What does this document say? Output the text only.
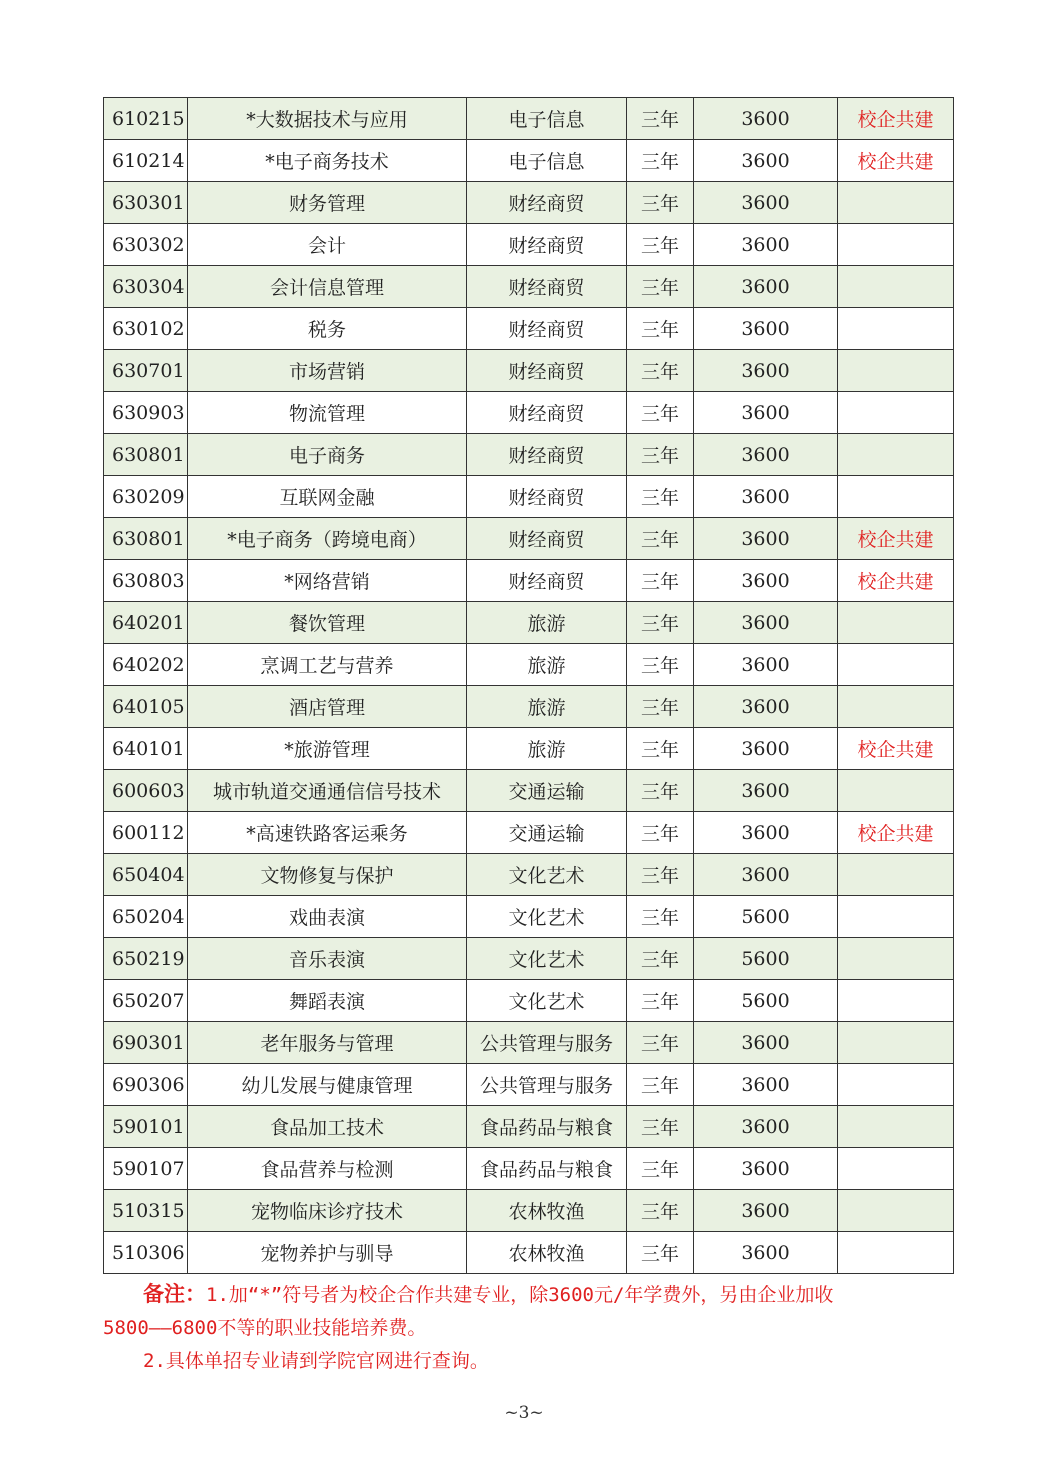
610215	*大数据技术与应用	电子信息	三年	3600	校企共建
610214	*电子商务技术	电子信息	三年	3600	校企共建
630301	财务管理	财经商贸	三年	3600	
630302	会计	财经商贸	三年	3600	
630304	会计信息管理	财经商贸	三年	3600	
630102	税务	财经商贸	三年	3600	
630701	市场营销	财经商贸	三年	3600	
630903	物流管理	财经商贸	三年	3600	
630801	电子商务	财经商贸	三年	3600	
630209	互联网金融	财经商贸	三年	3600	
630801	*电子商务（跨境电商）	财经商贸	三年	3600	校企共建
630803	*网络营销	财经商贸	三年	3600	校企共建
640201	餐饮管理	旅游	三年	3600	
640202	烹调工艺与营养	旅游	三年	3600	
640105	酒店管理	旅游	三年	3600	
640101	*旅游管理	旅游	三年	3600	校企共建
600603	城市轨道交通通信信号技术	交通运输	三年	3600	
600112	*高速铁路客运乘务	交通运输	三年	3600	校企共建
650404	文物修复与保护	文化艺术	三年	3600	
650204	戏曲表演	文化艺术	三年	5600	
650219	音乐表演	文化艺术	三年	5600	
650207	舞蹈表演	文化艺术	三年	5600	
690301	老年服务与管理	公共管理与服务	三年	3600	
690306	幼儿发展与健康管理	公共管理与服务	三年	3600	
590101	食品加工技术	食品药品与粮食	三年	3600	
590107	食品营养与检测	食品药品与粮食	三年	3600	
510315	宠物临床诊疗技术	农林牧渔	三年	3600	
510306	宠物养护与驯导	农林牧渔	三年	3600	

备注：1.加“*”符号者为校企合作共建专业，除3600元/年学费外，另由企业加收

5800——6800不等的职业技能培养费。

2.具体单招专业请到学院官网进行查询。

~3~
